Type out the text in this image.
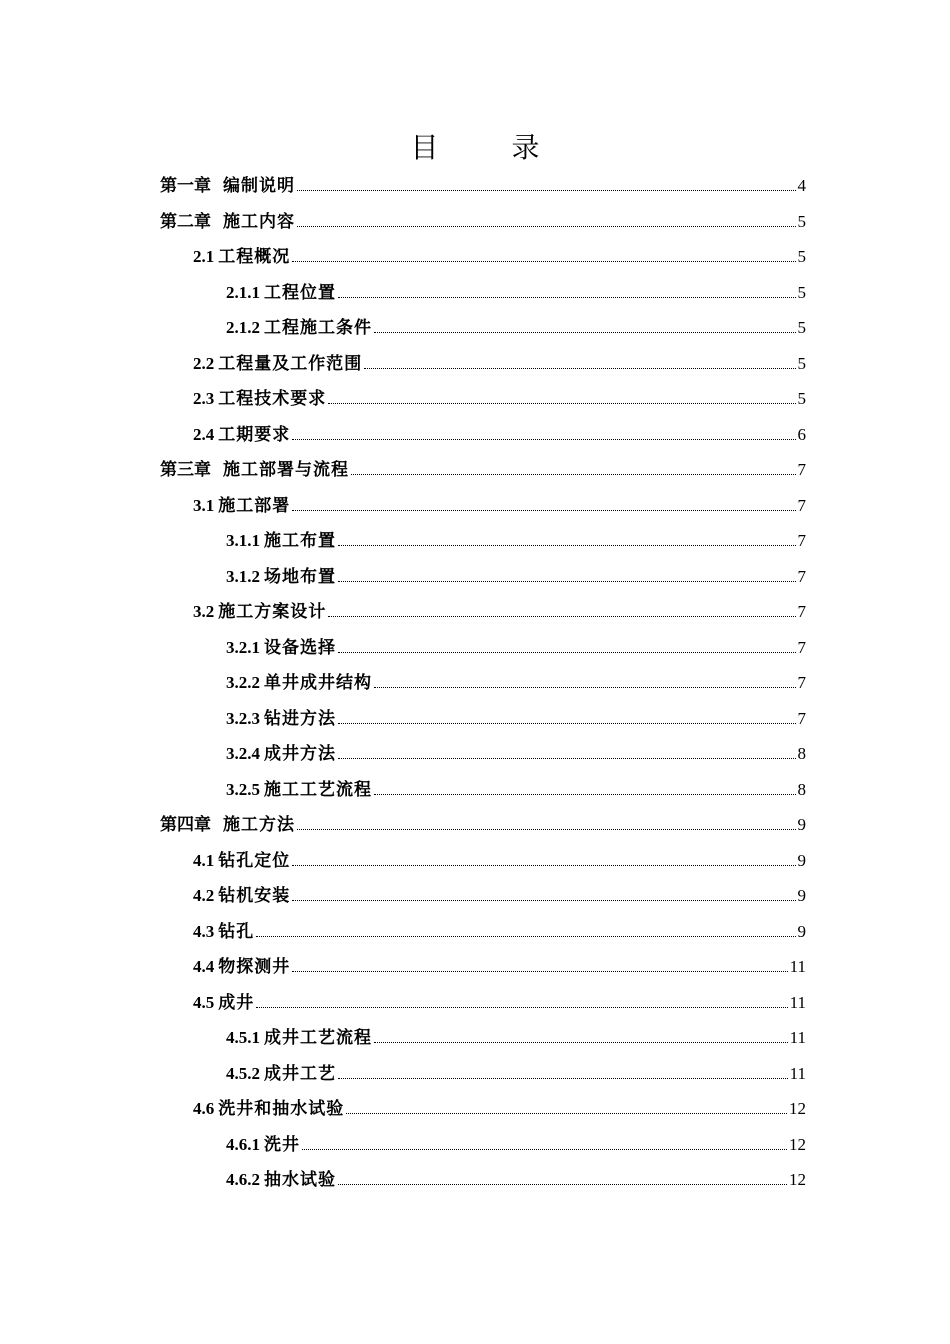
目 录
第一章 编制说明	4
第二章 施工内容	5
2.1 工程概况	5
2.1.1 工程位置	5
2.1.2 工程施工条件	5
2.2 工程量及工作范围	5
2.3 工程技术要求	5
2.4 工期要求	6
第三章 施工部署与流程	7
3.1 施工部署	7
3.1.1 施工布置	7
3.1.2 场地布置	7
3.2 施工方案设计	7
3.2.1 设备选择	7
3.2.2 单井成井结构	7
3.2.3 钻进方法	7
3.2.4 成井方法	8
3.2.5 施工工艺流程	8
第四章 施工方法	9
4.1 钻孔定位	9
4.2 钻机安装	9
4.3 钻孔	9
4.4 物探测井	11
4.5 成井	11
4.5.1 成井工艺流程	11
4.5.2 成井工艺	11
4.6 洗井和抽水试验	12
4.6.1 洗井	12
4.6.2 抽水试验	12
